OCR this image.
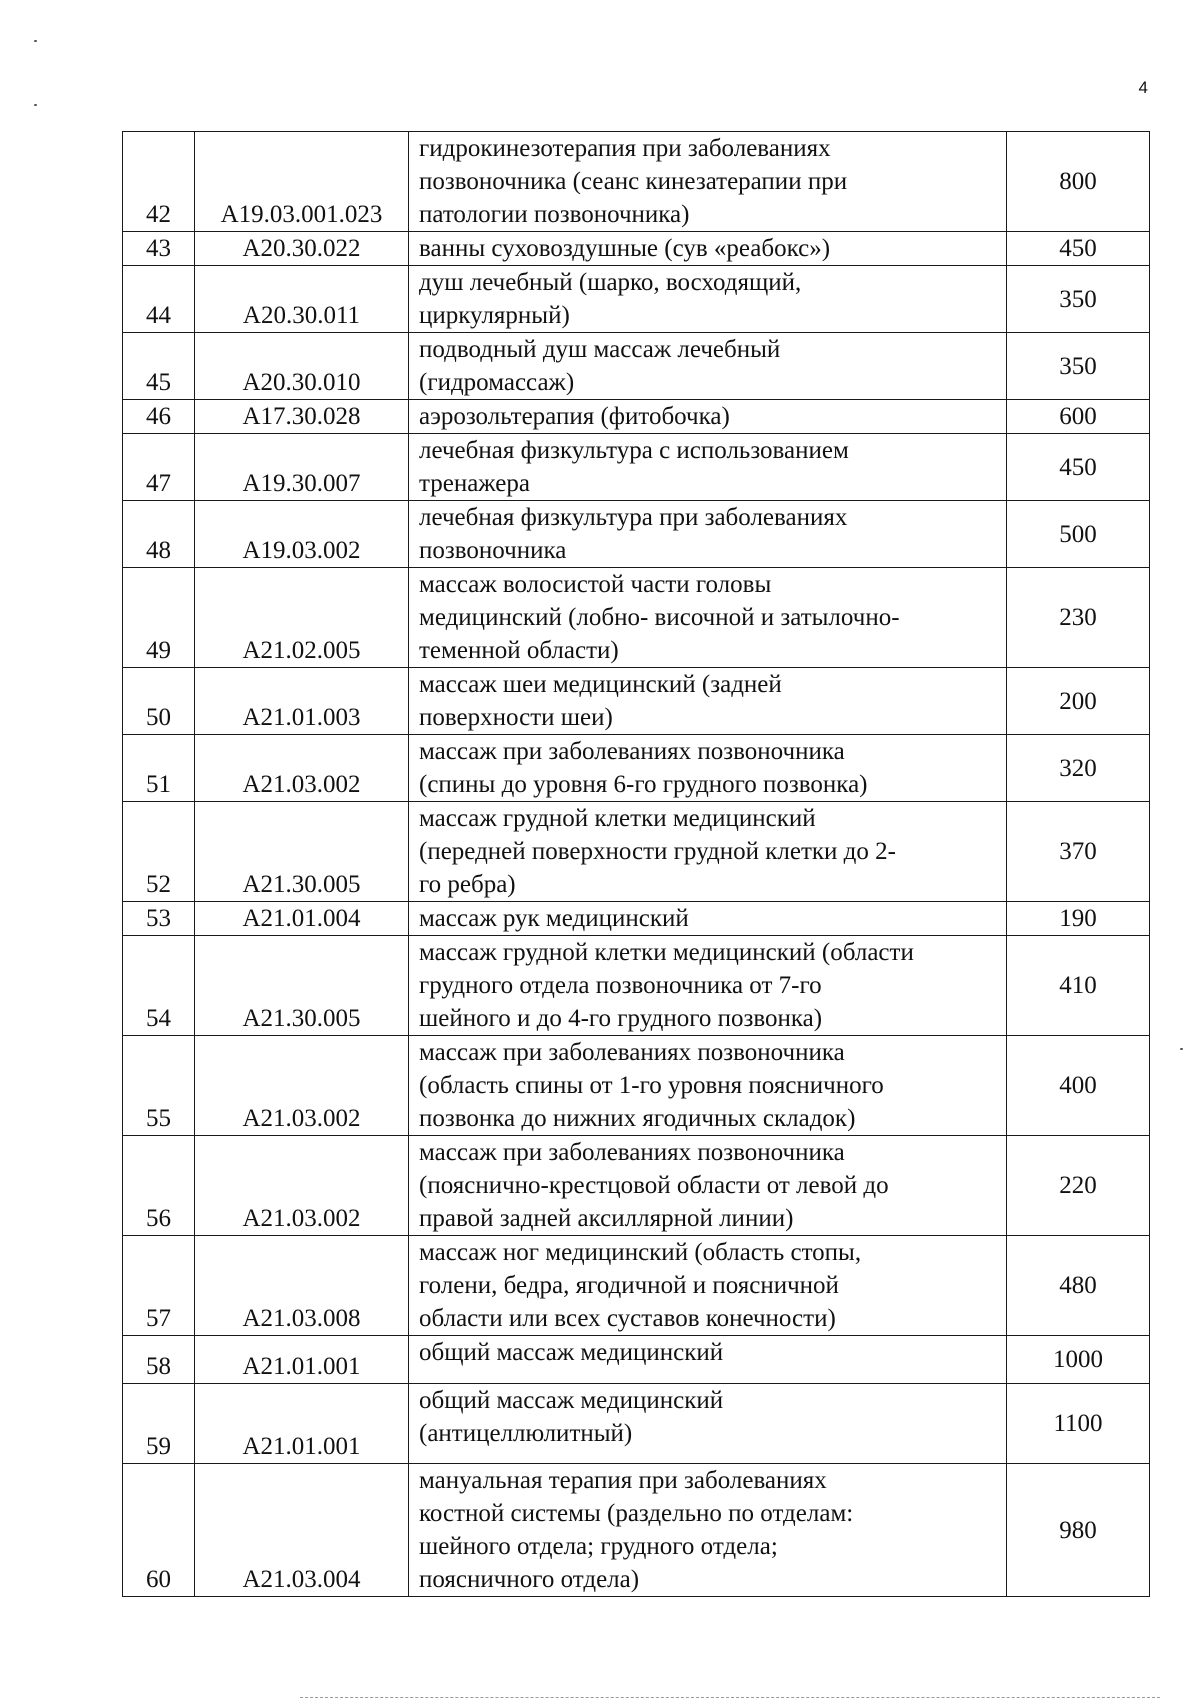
4
42	A19.03.001.023	гидрокинезотерапия при заболеваниях
позвоночника (сеанс кинезатерапии при
патологии позвоночника)	800
43	A20.30.022	ванны суховоздушные (сув «реабокс»)	450
44	A20.30.011	душ лечебный (шарко, восходящий,
циркулярный)	350
45	A20.30.010	подводный душ массаж лечебный
(гидромассаж)	350
46	A17.30.028	аэрозольтерапия (фитобочка)	600
47	A19.30.007	лечебная физкультура с использованием
тренажера	450
48	A19.03.002	лечебная физкультура при заболеваниях
позвоночника	500
49	A21.02.005	массаж волосистой части головы
медицинский (лобно- височной и затылочно-
теменной области)	230
50	A21.01.003	массаж шеи медицинский (задней
поверхности шеи)	200
51	A21.03.002	массаж при заболеваниях позвоночника
(спины до уровня 6-го грудного позвонка)	320
52	A21.30.005	массаж грудной клетки медицинский
(передней поверхности грудной клетки до 2-
го ребра)	370
53	A21.01.004	массаж рук медицинский	190
54	A21.30.005	массаж грудной клетки медицинский (области
грудного отдела позвоночника от 7-го
шейного и до 4-го грудного позвонка)	410
55	A21.03.002	массаж при заболеваниях позвоночника
(область спины от 1-го уровня поясничного
позвонка до нижних ягодичных складок)	400
56	A21.03.002	массаж при заболеваниях позвоночника
(пояснично-крестцовой области от левой до
правой задней аксиллярной линии)	220
57	A21.03.008	массаж ног медицинский (область стопы,
голени, бедра, ягодичной и поясничной
области или всех суставов конечности)	480
58	A21.01.001	общий массаж медицинский	1000
59	A21.01.001	общий массаж медицинский
(антицеллюлитный)	1100
60	A21.03.004	мануальная терапия при заболеваниях
костной системы (раздельно по отделам:
шейного отдела; грудного отдела;
поясничного отдела)	980
